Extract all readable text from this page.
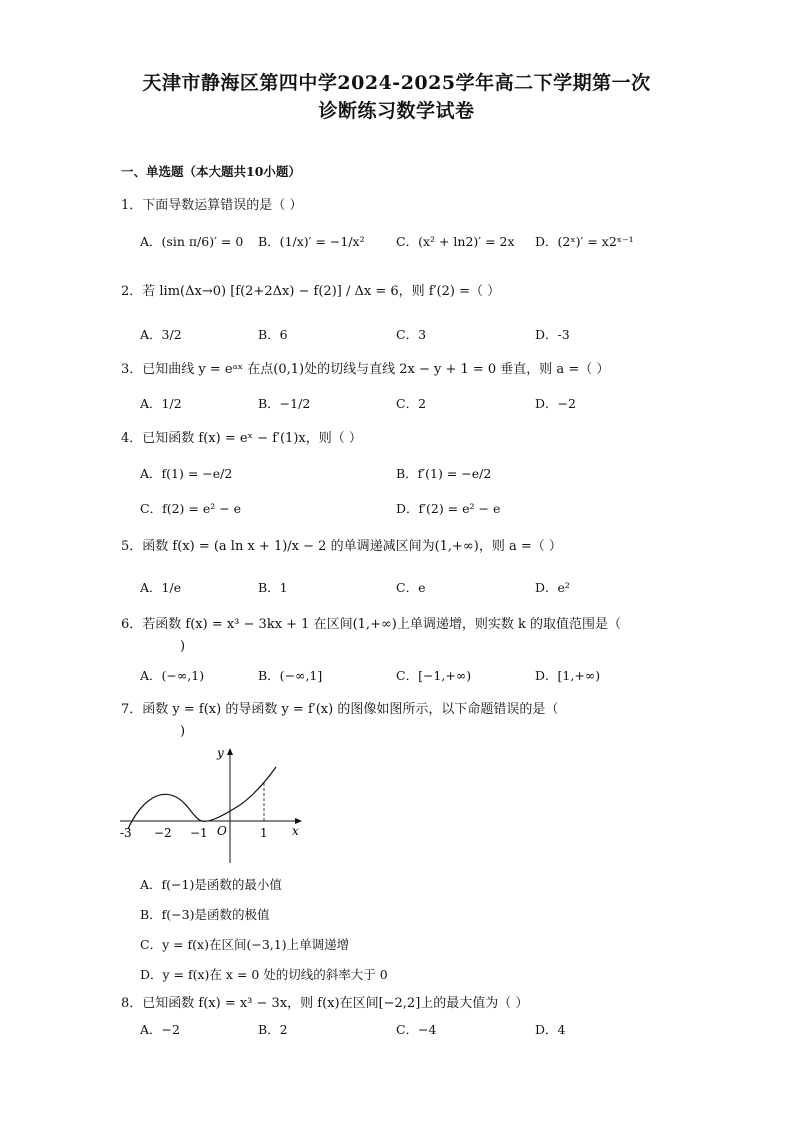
天津市静海区第四中学2024-2025学年高二下学期第一次
诊断练习数学试卷
一、单选题（本大题共10小题）
1．下面导数运算错误的是（ ）
A．(sin π/6)′ = 0 B．(1/x)′ = −1/x²	C．(x² + ln2)′ = 2x D．(2ˣ)′ = x2ˣ⁻¹
2．若 lim(Δx→0) [f(2+2Δx) − f(2)] / Δx = 6，则 f′(2) =（ ）
A．3/2	B．6	C．3	D．-3
3．已知曲线 y = eᵃˣ 在点(0,1)处的切线与直线 2x − y + 1 = 0 垂直，则 a =（ ）
A．1/2	B．−1/2	C．2	D．−2
4．已知函数 f(x) = eˣ − f′(1)x，则（ ）
A．f(1) = −e/2	B．f′(1) = −e/2
C．f(2) = e² − e	D．f′(2) = e² − e
5．函数 f(x) = (a ln x + 1)/x − 2 的单调递减区间为(1,+∞)，则 a =（ ）
A．1/e	B．1	C．e	D．e²
6．若函数 f(x) = x³ − 3kx + 1 在区间(1,+∞)上单调递增，则实数 k 的取值范围是（
)
A．(−∞,1)	B．(−∞,1]	C．[−1,+∞)	D．[1,+∞)
7．函数 y = f(x) 的导函数 y = f′(x) 的图像如图所示，以下命题错误的是（
)
y
x
O
-3 −2 −1	1
A．f(−1)是函数的最小值
B．f(−3)是函数的极值
C．y = f(x)在区间(−3,1)上单调递增
D．y = f(x)在 x = 0 处的切线的斜率大于 0
8．已知函数 f(x) = x³ − 3x，则 f(x)在区间[−2,2]上的最大值为（ ）
A．−2	B．2	C．−4	D．4
